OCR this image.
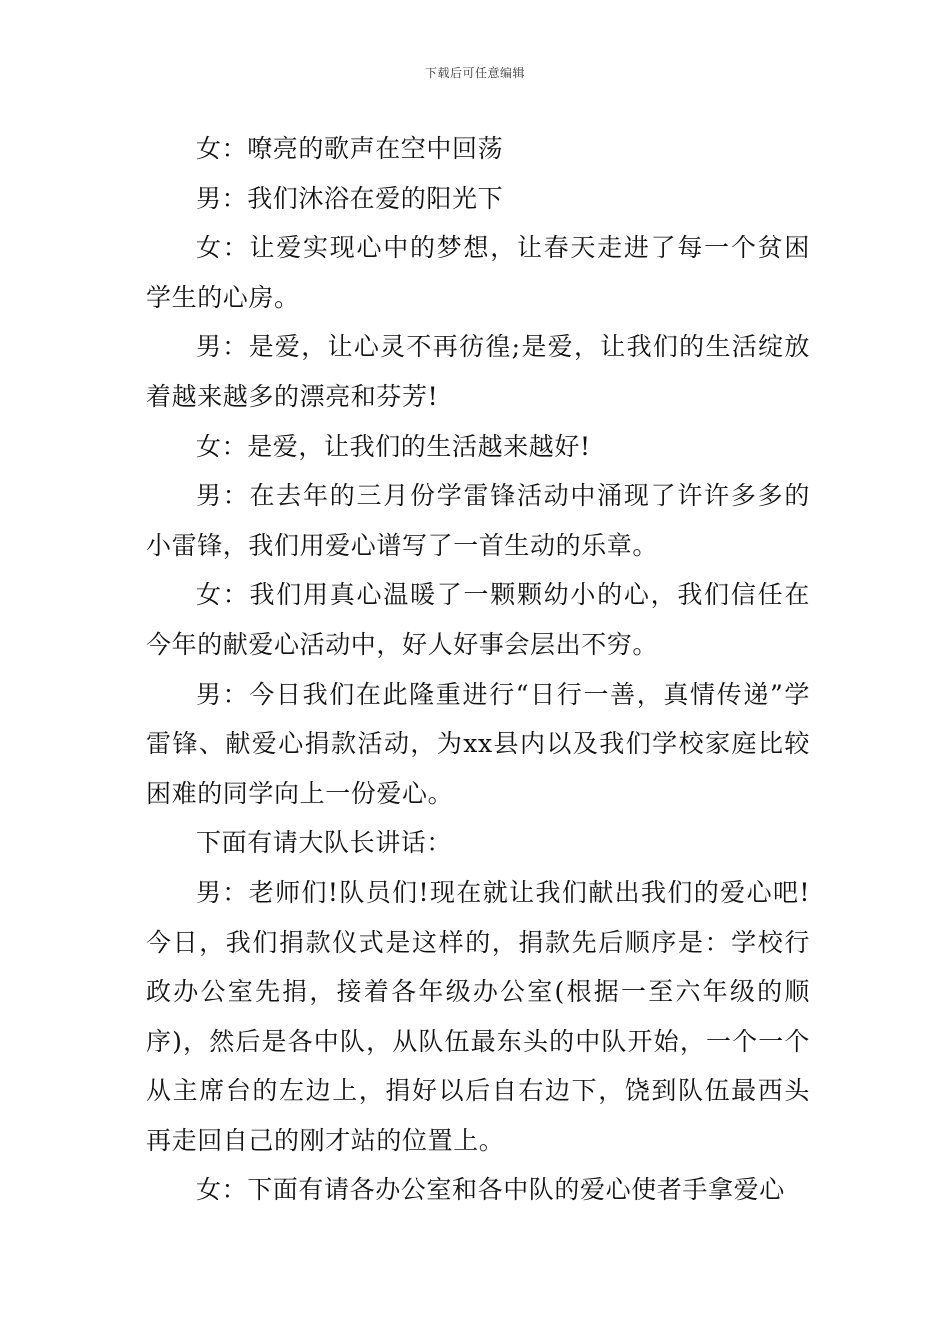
下载后可任意编辑

女：嘹亮的歌声在空中回荡

男：我们沐浴在爱的阳光下

女：让爱实现心中的梦想，让春天走进了每一个贫困学生的心房。

男：是爱，让心灵不再彷徨;是爱，让我们的生活绽放着越来越多的漂亮和芬芳!

女：是爱，让我们的生活越来越好!

男：在去年的三月份学雷锋活动中涌现了许许多多的小雷锋，我们用爱心谱写了一首生动的乐章。

女：我们用真心温暖了一颗颗幼小的心，我们信任在今年的献爱心活动中，好人好事会层出不穷。

男：今日我们在此隆重进行“日行一善，真情传递”学雷锋、献爱心捐款活动，为xx县内以及我们学校家庭比较困难的同学向上一份爱心。

下面有请大队长讲话：

男：老师们!队员们!现在就让我们献出我们的爱心吧!今日，我们捐款仪式是这样的，捐款先后顺序是：学校行政办公室先捐，接着各年级办公室(根据一至六年级的顺序)，然后是各中队，从队伍最东头的中队开始，一个一个从主席台的左边上，捐好以后自右边下，饶到队伍最西头再走回自己的刚才站的位置上。

女：下面有请各办公室和各中队的爱心使者手拿爱心
